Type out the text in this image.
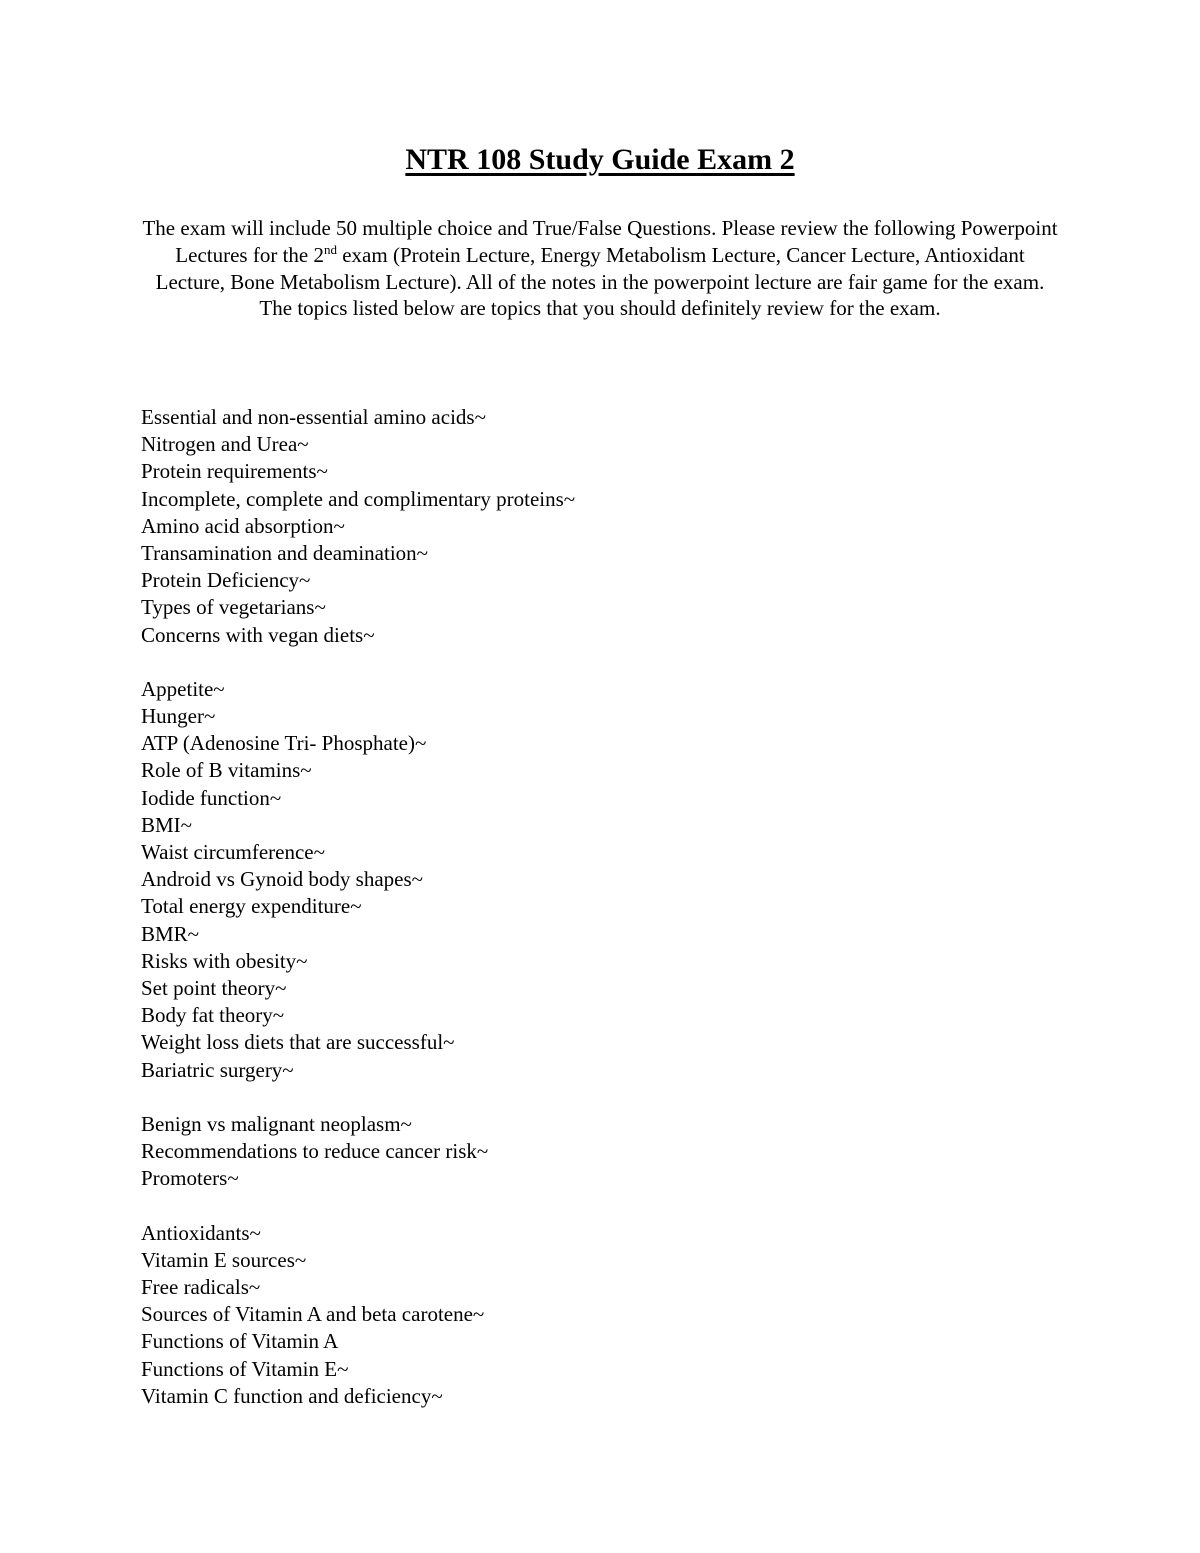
NTR 108 Study Guide Exam 2
The exam will include 50 multiple choice and True/False Questions. Please review the following Powerpoint Lectures for the 2nd exam (Protein Lecture, Energy Metabolism Lecture, Cancer Lecture, Antioxidant Lecture, Bone Metabolism Lecture). All of the notes in the powerpoint lecture are fair game for the exam. The topics listed below are topics that you should definitely review for the exam.
Essential and non-essential amino acids~
Nitrogen and Urea~
Protein requirements~
Incomplete, complete and complimentary proteins~
Amino acid absorption~
Transamination and deamination~
Protein Deficiency~
Types of vegetarians~
Concerns with vegan diets~
Appetite~
Hunger~
ATP (Adenosine Tri- Phosphate)~
Role of B vitamins~
Iodide function~
BMI~
Waist circumference~
Android vs Gynoid body shapes~
Total energy expenditure~
BMR~
Risks with obesity~
Set point theory~
Body fat theory~
Weight loss diets that are successful~
Bariatric surgery~
Benign vs malignant neoplasm~
Recommendations to reduce cancer risk~
Promoters~
Antioxidants~
Vitamin E sources~
Free radicals~
Sources of Vitamin A and beta carotene~
Functions of Vitamin A
Functions of Vitamin E~
Vitamin C function and deficiency~
